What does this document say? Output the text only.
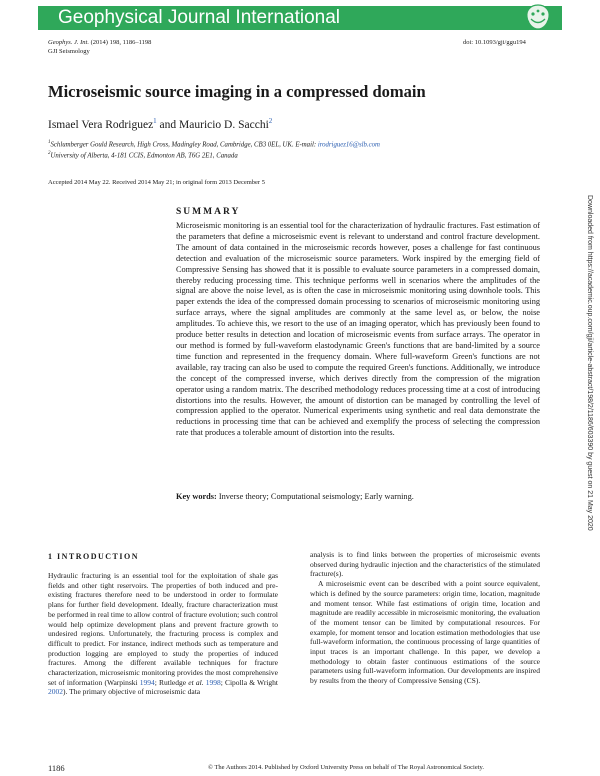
Geophysical Journal International
Geophys. J. Int. (2014) 198, 1186–1198
GJI Seismology
doi: 10.1093/gji/ggu194
Microseismic source imaging in a compressed domain
Ismael Vera Rodriguez$^1$ and Mauricio D. Sacchi$^2$
$^1$Schlumberger Gould Research, High Cross, Madingley Road, Cambridge, CB3 0EL, UK. E-mail: irodriguez16@slb.com
$^2$University of Alberta, 4-181 CCIS, Edmonton AB, T6G 2E1, Canada
Accepted 2014 May 22. Received 2014 May 21; in original form 2013 December 5
SUMMARY

Microseismic monitoring is an essential tool for the characterization of hydraulic fractures. Fast estimation of the parameters that define a microseismic event is relevant to understand and control fracture development. The amount of data contained in the microseismic records however, poses a challenge for fast continuous detection and evaluation of the microseismic source parameters. Work inspired by the emerging field of Compressive Sensing has showed that it is possible to evaluate source parameters in a compressed domain, thereby reducing processing time. This technique performs well in scenarios where the amplitudes of the signal are above the noise level, as is often the case in microseismic monitoring using downhole tools. This paper extends the idea of the compressed domain processing to scenarios of microseismic monitoring using surface arrays, where the signal amplitudes are commonly at the same level as, or below, the noise amplitudes. To achieve this, we resort to the use of an imaging operator, which has previously been found to produce better results in detection and location of microseismic events from surface arrays. The operator in our method is formed by full-waveform elastodynamic Green's functions that are band-limited by a source time function and represented in the frequency domain. Where full-waveform Green's functions are not available, ray tracing can also be used to compute the required Green's functions. Additionally, we introduce the concept of the compressed inverse, which derives directly from the compression of the migration operator using a random matrix. The described methodology reduces processing time at a cost of introducing distortions into the results. However, the amount of distortion can be managed by controlling the level of compression applied to the operator. Numerical experiments using synthetic and real data demonstrate the reductions in processing time that can be achieved and exemplify the process of selecting the compression rate that produces a tolerable amount of distortion into the results.

Key words: Inverse theory; Computational seismology; Early warning.
1 INTRODUCTION

Hydraulic fracturing is an essential tool for the exploitation of shale gas fields and other tight reservoirs. The properties of both induced and pre-existing fractures therefore need to be understood in order to formulate plans for further field development. Ideally, fracture characterization must be performed in real time to allow control of fracture evolution; such control would help optimize development plans and prevent fracture growth to undesired regions. Unfortunately, the fracturing process is complex and difficult to predict. For instance, indirect methods such as temperature and production logging are employed to study the properties of induced fractures. Among the different available techniques for fracture characterization, microseismic monitoring provides the most comprehensive set of information (Warpinski 1994; Rutledge et al. 1998; Cipolla & Wright 2002). The primary objective of microseismic data

analysis is to find links between the properties of microseismic events observed during hydraulic injection and the characteristics of the stimulated fracture(s).

A microseismic event can be described with a point source equivalent, which is defined by the source parameters: origin time, location, magnitude and moment tensor. While fast estimations of origin time, location and magnitude are readily accessible in microseismic monitoring, the evaluation of the moment tensor can be limited by computational resources. For example, for moment tensor and location estimation methodologies that use full-waveform information, the continuous processing of large quantities of input traces is an important challenge. In this paper, we develop a methodology to obtain faster continuous estimations of the source parameters using full-waveform information. Our developments are inspired by results from the theory of Compressive Sensing (CS).

1186	© The Authors 2014. Published by Oxford University Press on behalf of The Royal Astronomical Society.
Downloaded from https://academic.oup.com/gji/article-abstract/198/2/1186/603390 by guest on 21 May 2020
